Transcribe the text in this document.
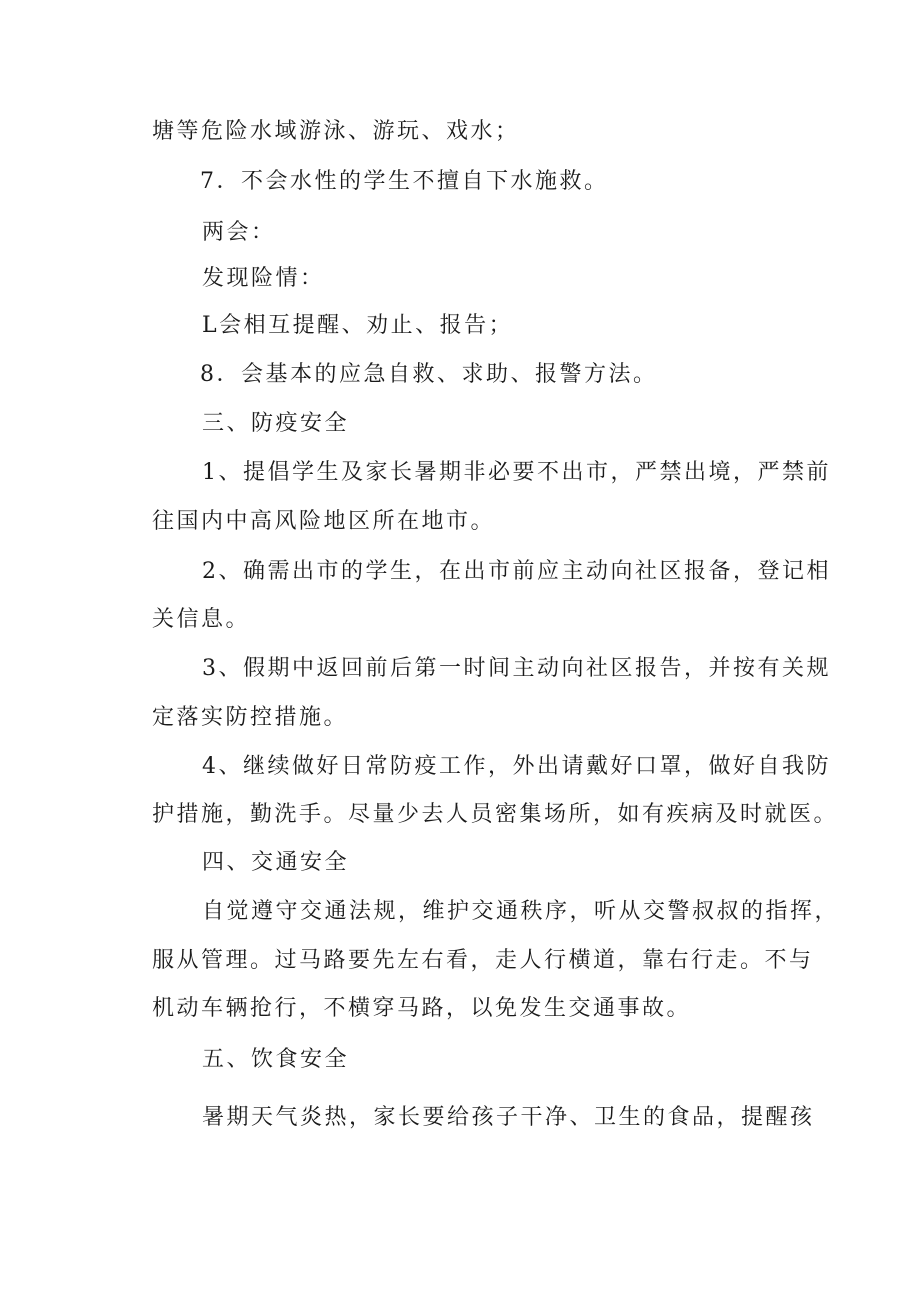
塘等危险水域游泳、游玩、戏水；
7．不会水性的学生不擅自下水施救。
两会：
发现险情：
L会相互提醒、劝止、报告；
8．会基本的应急自救、求助、报警方法。
三、防疫安全
1、提倡学生及家长暑期非必要不出市，严禁出境，严禁前
往国内中高风险地区所在地市。
2、确需出市的学生，在出市前应主动向社区报备，登记相
关信息。
3、假期中返回前后第一时间主动向社区报告，并按有关规
定落实防控措施。
4、继续做好日常防疫工作，外出请戴好口罩，做好自我防
护措施，勤洗手。尽量少去人员密集场所，如有疾病及时就医。
四、交通安全
自觉遵守交通法规，维护交通秩序，听从交警叔叔的指挥，
服从管理。过马路要先左右看，走人行横道，靠右行走。不与
机动车辆抢行，不横穿马路，以免发生交通事故。
五、饮食安全
暑期天气炎热，家长要给孩子干净、卫生的食品，提醒孩
